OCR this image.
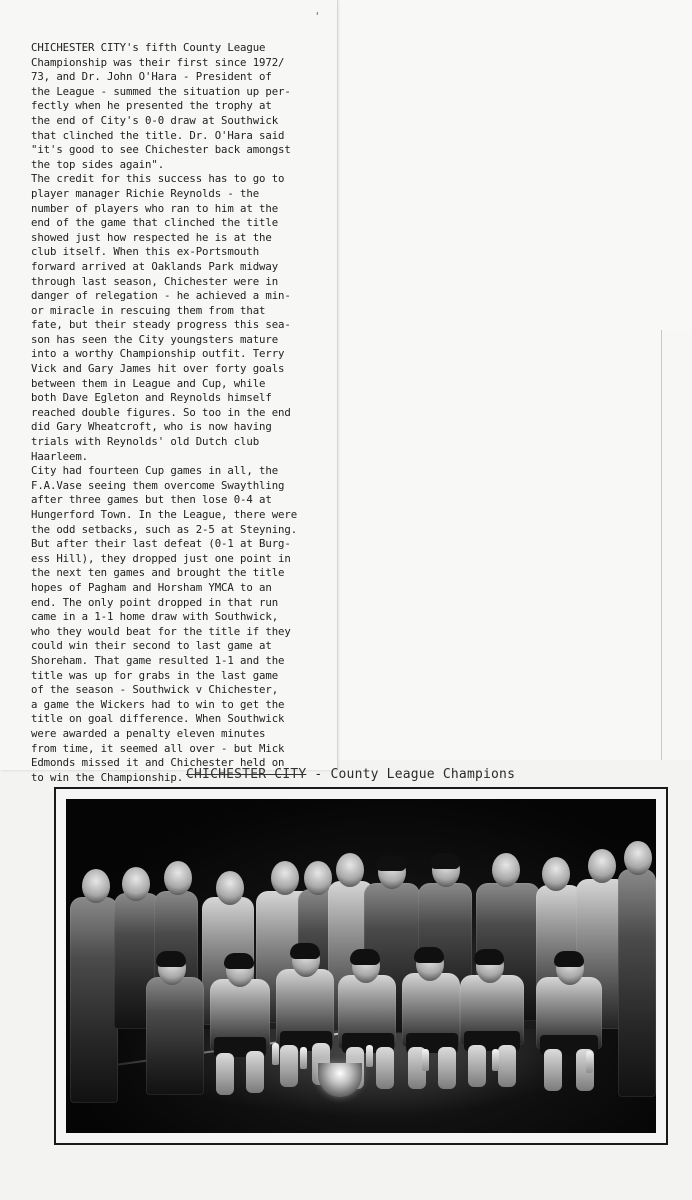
'
CHICHESTER CITY's fifth County League
Championship was their first since 1972/
73, and Dr. John O'Hara - President of
the League - summed the situation up per-
fectly when he presented the trophy at
the end of City's 0-0 draw at Southwick
that clinched the title. Dr. O'Hara said
"it's good to see Chichester back amongst
the top sides again".
The credit for this success has to go to
player manager Richie Reynolds - the
number of players who ran to him at the
end of the game that clinched the title
showed just how respected he is at the
club itself. When this ex-Portsmouth
forward arrived at Oaklands Park midway
through last season, Chichester were in
danger of relegation - he achieved a min-
or miracle in rescuing them from that
fate, but their steady progress this sea-
son has seen the City youngsters mature
into a worthy Championship outfit. Terry
Vick and Gary James hit over forty goals
between them in League and Cup, while
both Dave Egleton and Reynolds himself
reached double figures. So too in the end
did Gary Wheatcroft, who is now having
trials with Reynolds' old Dutch club
Haarleem.
City had fourteen Cup games in all, the
F.A.Vase seeing them overcome Swaythling
after three games but then lose 0-4 at
Hungerford Town. In the League, there were
the odd setbacks, such as 2-5 at Steyning.
But after their last defeat (0-1 at Burg-
ess Hill), they dropped just one point in
the next ten games and brought the title
hopes of Pagham and Horsham YMCA to an
end. The only point dropped in that run
came in a 1-1 home draw with Southwick,
who they would beat for the title if they
could win their second to last game at
Shoreham. That game resulted 1-1 and the
title was up for grabs in the last game
of the season - Southwick v Chichester,
a game the Wickers had to win to get the
title on goal difference. When Southwick
were awarded a penalty eleven minutes
from time, it seemed all over - but Mick
Edmonds missed it and Chichester held on
to win the Championship. CHICHESTER CITY - County League Champions
